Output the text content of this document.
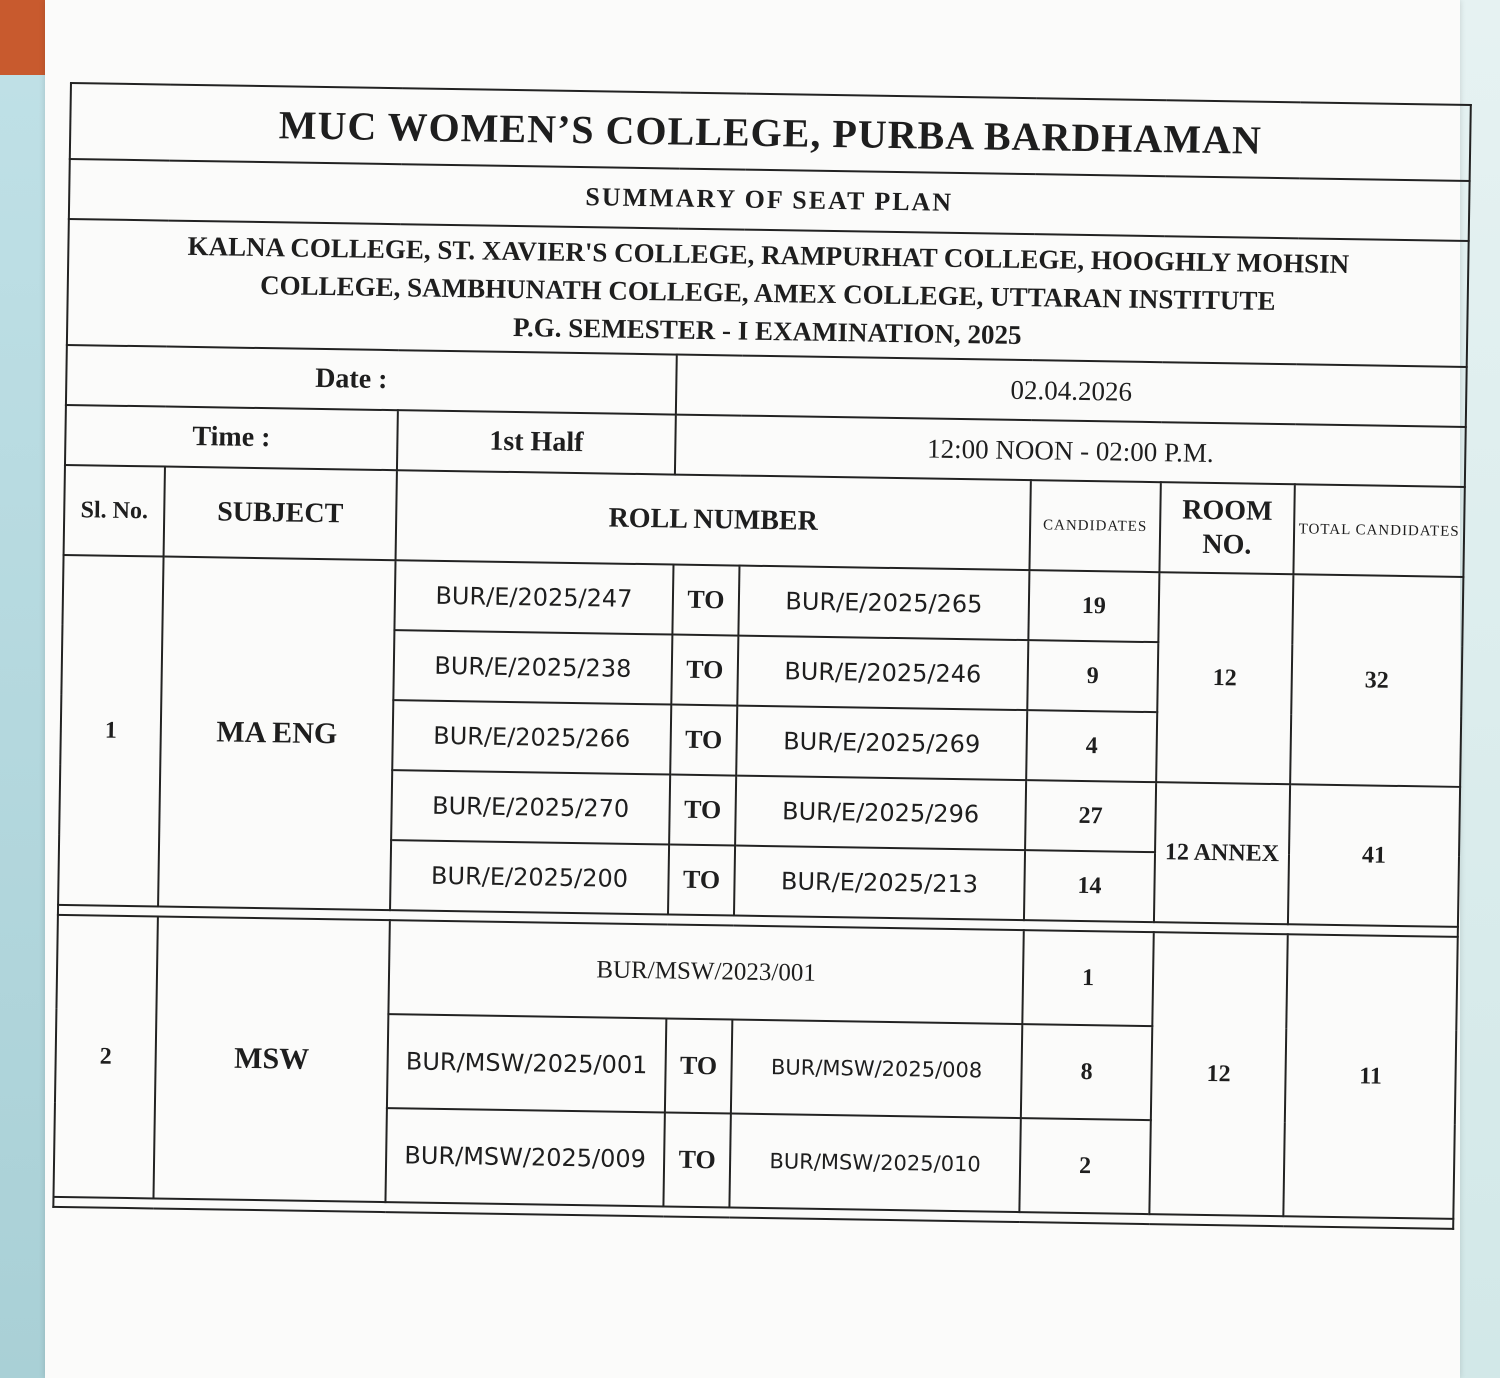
MUC WOMEN’S COLLEGE, PURBA BARDHAMAN							
SUMMARY OF SEAT PLAN							

KALNA COLLEGE, ST. XAVIER'S COLLEGE, RAMPURHAT COLLEGE, HOOGHLY MOHSIN
COLLEGE, SAMBHUNATH COLLEGE, AMEX COLLEGE, UTTARAN INSTITUTE
P.G. SEMESTER - I EXAMINATION, 2025							

Date :			02.04.2026				
Time :		1st Half	12:00 NOON - 02:00 P.M.				
Sl. No.	SUBJECT	ROLL NUMBER			CANDIDATES	ROOM NO.	TOTAL CANDIDATES
1	MA ENG	BUR/E/2025/247	TO	BUR/E/2025/265	19	12	32
		BUR/E/2025/238	TO	BUR/E/2025/246	9		
		BUR/E/2025/266	TO	BUR/E/2025/269	4		
		BUR/E/2025/270	TO	BUR/E/2025/296	27	12 ANNEX	41
		BUR/E/2025/200	TO	BUR/E/2025/213	14		

2	MSW	BUR/MSW/2023/001			1	12	11
		BUR/MSW/2025/001	TO	BUR/MSW/2025/008	8		
		BUR/MSW/2025/009	TO	BUR/MSW/2025/010	2		
